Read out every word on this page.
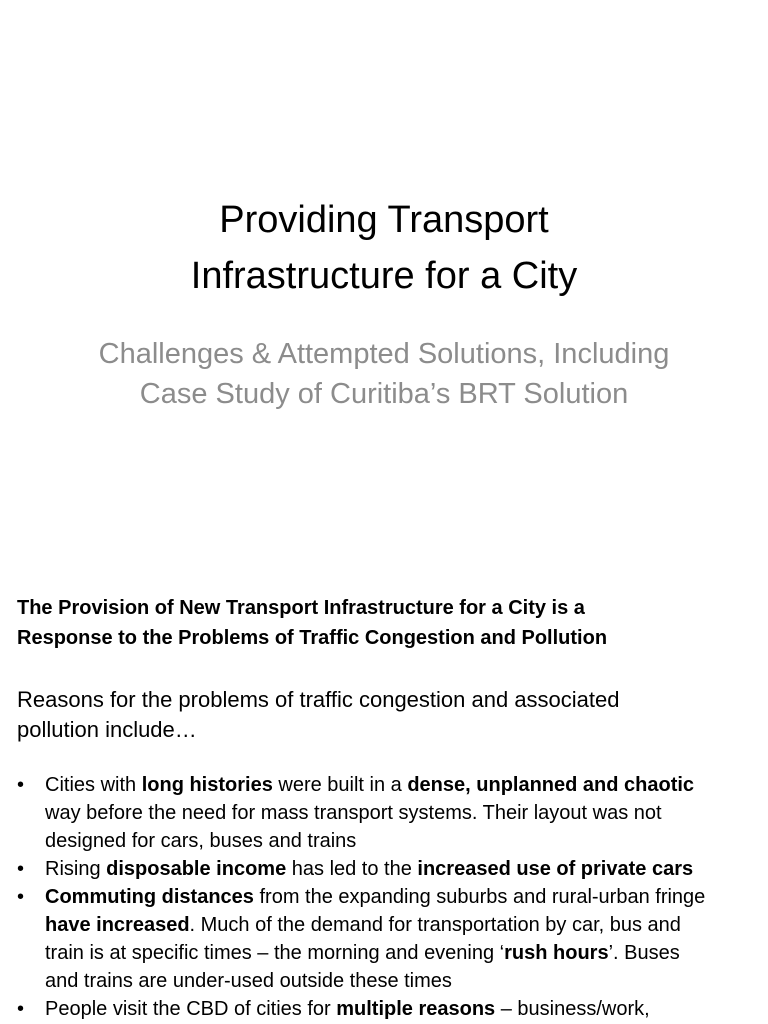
Providing Transport
Infrastructure for a City
Challenges & Attempted Solutions, Including
Case Study of Curitiba’s BRT Solution
The Provision of New Transport Infrastructure for a City is a
Response to the Problems of Traffic Congestion and Pollution
Reasons for the problems of traffic congestion and associated
pollution include…
• Cities with long histories were built in a dense, unplanned and chaotic
way before the need for mass transport systems. Their layout was not
designed for cars, buses and trains
• Rising disposable income has led to the increased use of private cars
• Commuting distances from the expanding suburbs and rural-urban fringe
have increased. Much of the demand for transportation by car, bus and
train is at specific times – the morning and evening ‘rush hours’. Buses
and trains are under-used outside these times
• People visit the CBD of cities for multiple reasons – business/work,
